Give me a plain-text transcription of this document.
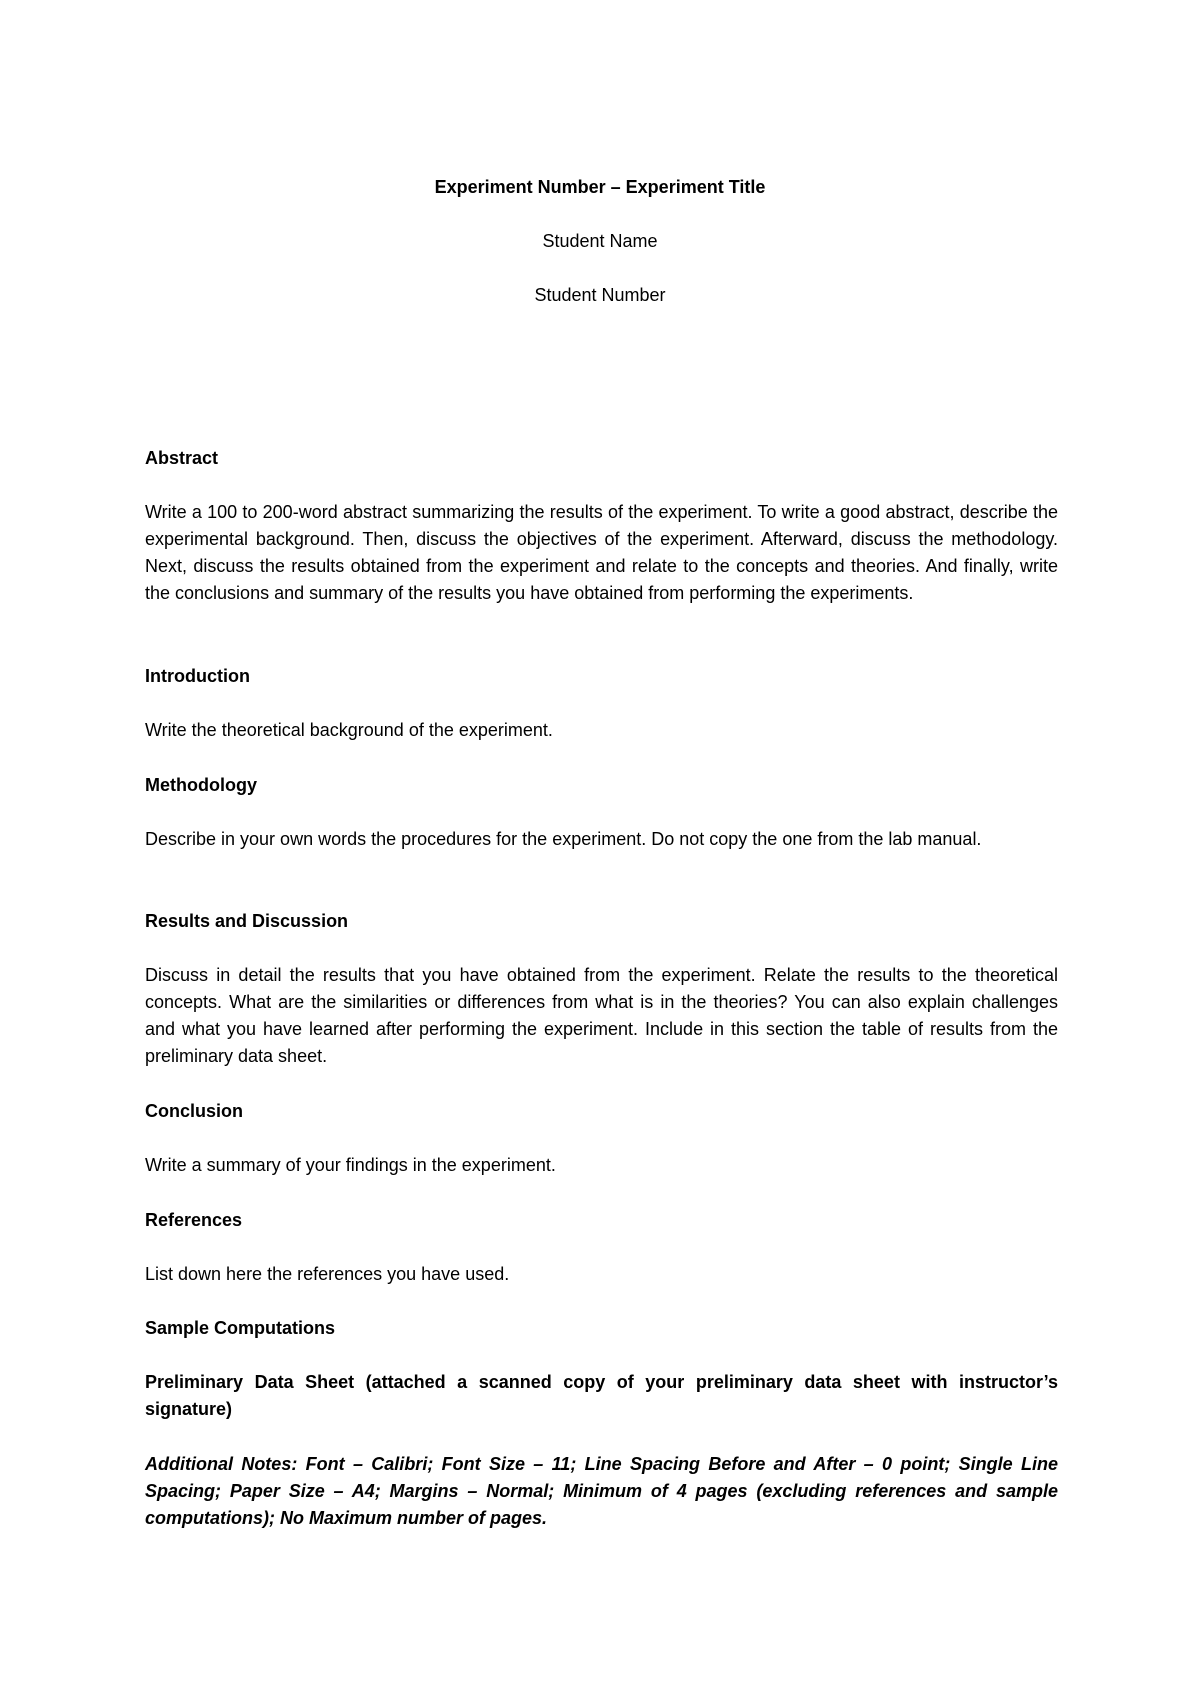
Experiment Number – Experiment Title

Student Name

Student Number

Abstract

Write a 100 to 200-word abstract summarizing the results of the experiment. To write a good abstract, describe the experimental background. Then, discuss the objectives of the experiment. Afterward, discuss the methodology. Next, discuss the results obtained from the experiment and relate to the concepts and theories. And finally, write the conclusions and summary of the results you have obtained from performing the experiments.

Introduction

Write the theoretical background of the experiment.

Methodology

Describe in your own words the procedures for the experiment. Do not copy the one from the lab manual.

Results and Discussion

Discuss in detail the results that you have obtained from the experiment. Relate the results to the theoretical concepts. What are the similarities or differences from what is in the theories? You can also explain challenges and what you have learned after performing the experiment. Include in this section the table of results from the preliminary data sheet.

Conclusion

Write a summary of your findings in the experiment.

References

List down here the references you have used.

Sample Computations

Preliminary Data Sheet (attached a scanned copy of your preliminary data sheet with instructor’s signature)

Additional Notes: Font – Calibri; Font Size – 11; Line Spacing Before and After – 0 point; Single Line Spacing; Paper Size – A4; Margins – Normal; Minimum of 4 pages (excluding references and sample computations); No Maximum number of pages.
